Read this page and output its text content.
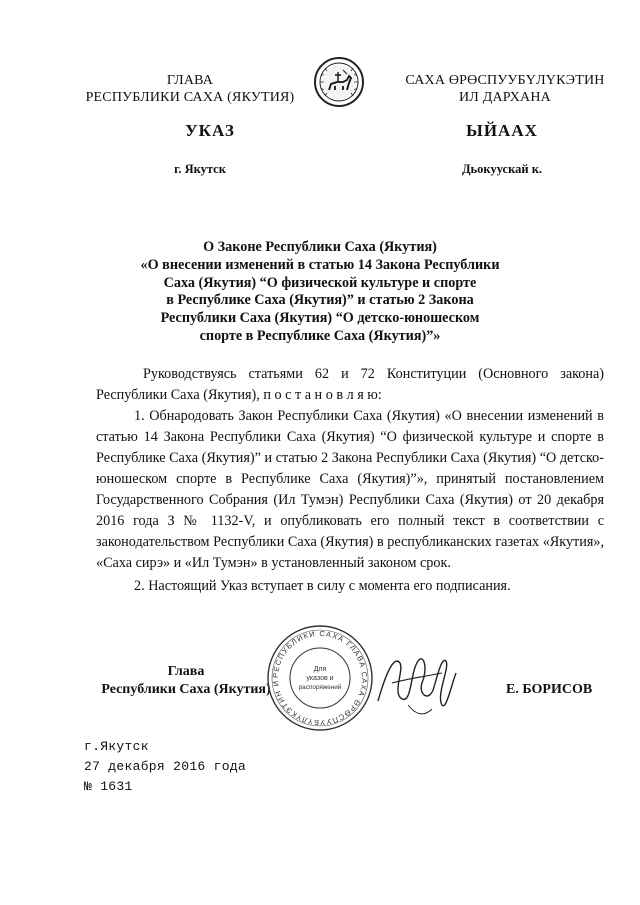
ГЛАВА
РЕСПУБЛИКИ САХА (ЯКУТИЯ)
САХА ӨРӨСПУУБҮЛҮКЭТИН
ИЛ ДАРХАНА
УКАЗ	ЫЙААХ
г. Якутск	Дьокуускай к.
О Законе Республики Саха (Якутия)
«О внесении изменений в статью 14 Закона Республики
Саха (Якутия) “О физической культуре и спорте
в Республике Саха (Якутия)” и статью 2 Закона
Республики Саха (Якутия) “О детско-юношеском
спорте в Республике Саха (Якутия)”»
Руководствуясь статьями 62 и 72 Конституции (Основного закона) Республики Саха (Якутия), п о с т а н о в л я ю:
1. Обнародовать Закон Республики Саха (Якутия) «О внесении изменений в статью 14 Закона Республики Саха (Якутия) “О физической культуре и спорте в Республике Саха (Якутия)” и статью 2 Закона Республики Саха (Якутия) “О детско-юношеском спорте в Республике Саха (Якутия)”», принятый постановлением Государственного Собрания (Ил Тумэн) Республики Саха (Якутия) от 20 декабря 2016 года З № 1132-V, и опубликовать его полный текст в соответствии с законодательством Республики Саха (Якутия) в республиканских газетах «Якутия», «Саха сирэ» и «Ил Тумэн» в установленный законом срок.
2. Настоящий Указ вступает в силу с момента его подписания.
Глава
Республики Саха (Якутия)
РЕСПУБЛИКИ САХА ГЛАВА САХА ӨРӨСПУУБҮЛҮКЭТИН И
Для
указов и
распоряжений	Е. БОРИСОВ
г.Якутск
27 декабря 2016 года
№ 1631
